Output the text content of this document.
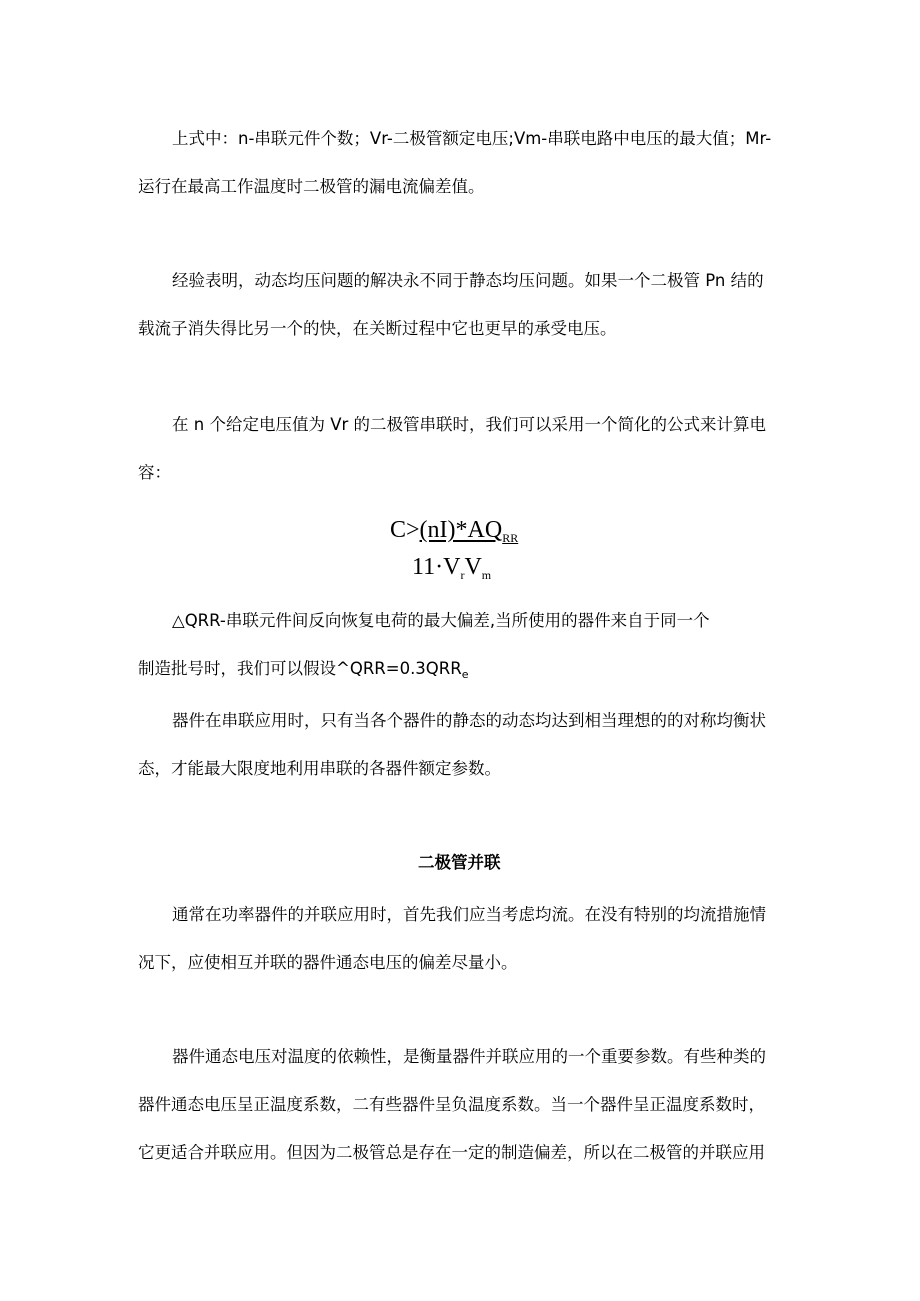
上式中：n-串联元件个数；Vr-二极管额定电压;Vm-串联电路中电压的最大值；Mr-
运行在最高工作温度时二极管的漏电流偏差值。
经验表明，动态均压问题的解决永不同于静态均压问题。如果一个二极管 Pn 结的
载流子消失得比另一个的快，在关断过程中它也更早的承受电压。
在 n 个给定电压值为 Vr 的二极管串联时，我们可以采用一个简化的公式来计算电
容：
$C>(nI)*AQ_{RR}$
$11\cdot V_rV_m$
△QRR-串联元件间反向恢复电荷的最大偏差,当所使用的器件来自于同一个
制造批号时，我们可以假设$\^{}QRR=0.3QRR_e$
器件在串联应用时，只有当各个器件的静态的动态均达到相当理想的的对称均衡状
态，才能最大限度地利用串联的各器件额定参数。
二极管并联
通常在功率器件的并联应用时，首先我们应当考虑均流。在没有特别的均流措施情
况下，应使相互并联的器件通态电压的偏差尽量小。
器件通态电压对温度的依赖性，是衡量器件并联应用的一个重要参数。有些种类的
器件通态电压呈正温度系数，二有些器件呈负温度系数。当一个器件呈正温度系数时，
它更适合并联应用。但因为二极管总是存在一定的制造偏差，所以在二极管的并联应用
